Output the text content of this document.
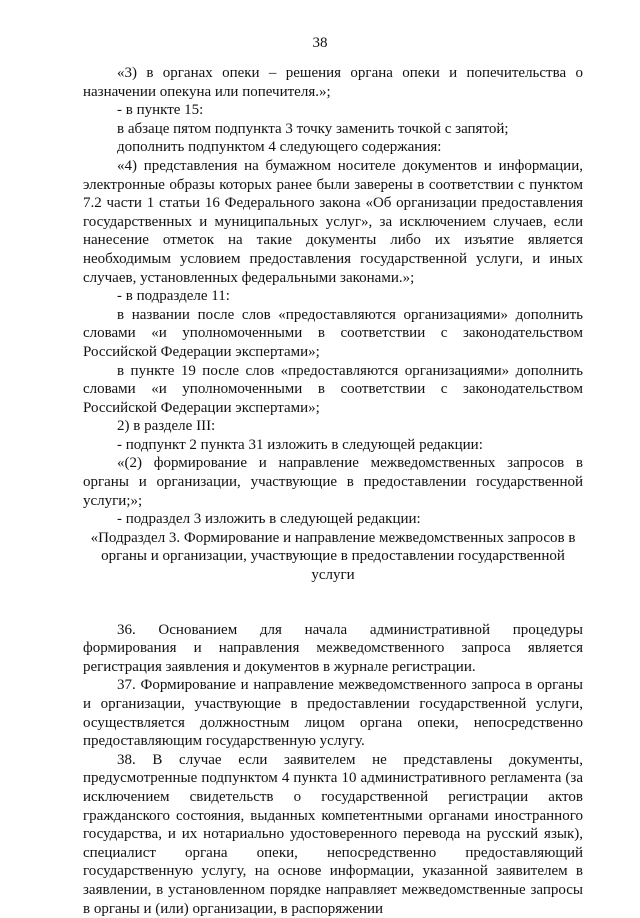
38

«3) в органах опеки – решения органа опеки и попечительства о назначении опекуна или попечителя.»;

- в пункте 15:

в абзаце пятом подпункта 3 точку заменить точкой с запятой;

дополнить подпунктом 4 следующего содержания:

«4) представления на бумажном носителе документов и информации, электронные образы которых ранее были заверены в соответствии с пунктом 7.2 части 1 статьи 16 Федерального закона «Об организации предоставления государственных и муниципальных услуг», за исключением случаев, если нанесение отметок на такие документы либо их изъятие является необходимым условием предоставления государственной услуги, и иных случаев, установленных федеральными законами.»;

- в подразделе 11:

в названии после слов «предоставляются организациями» дополнить словами «и уполномоченными в соответствии с законодательством Российской Федерации экспертами»;

в пункте 19 после слов «предоставляются организациями» дополнить словами «и уполномоченными в соответствии с законодательством Российской Федерации экспертами»;

2) в разделе III:

- подпункт 2 пункта 31 изложить в следующей редакции:

«(2) формирование и направление межведомственных запросов в органы и организации, участвующие в предоставлении государственной услуги;»;

- подраздел 3 изложить в следующей редакции:

«Подраздел 3. Формирование и направление межведомственных запросов в органы и организации, участвующие в предоставлении государственной услуги

36. Основанием для начала административной процедуры формирования и направления межведомственного запроса является регистрация заявления и документов в журнале регистрации.

37. Формирование и направление межведомственного запроса в органы и организации, участвующие в предоставлении государственной услуги, осуществляется должностным лицом органа опеки, непосредственно предоставляющим государственную услугу.

38. В случае если заявителем не представлены документы, предусмотренные подпунктом 4 пункта 10 административного регламента (за исключением свидетельств о государственной регистрации актов гражданского состояния, выданных компетентными органами иностранного государства, и их нотариально удостоверенного перевода на русский язык), специалист органа опеки, непосредственно предоставляющий государственную услугу, на основе информации, указанной заявителем в заявлении, в установленном порядке направляет межведомственные запросы в органы и (или) организации, в распоряжении
